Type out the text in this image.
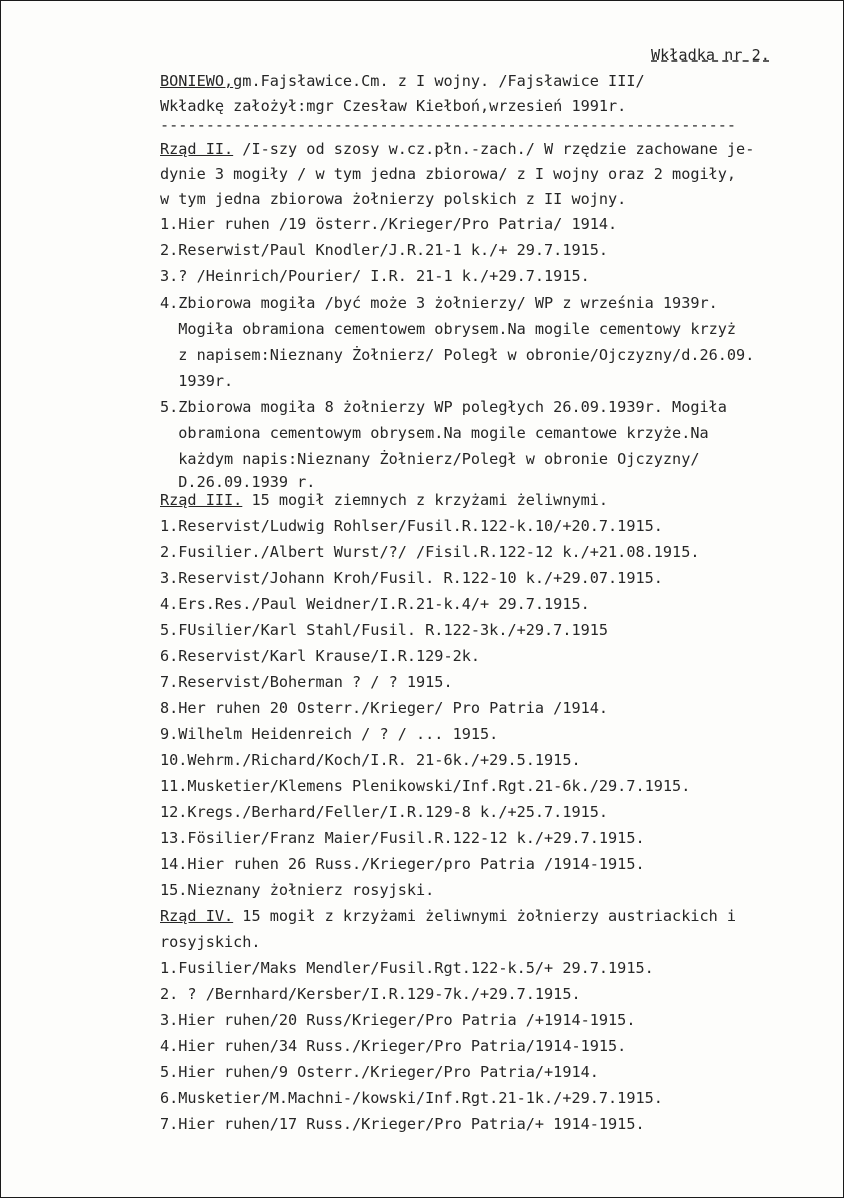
Wkładka nr 2.
BONIEWO,gm.Fajsławice.Cm. z I wojny. /Fajsławice III/
Wkładkę założył:mgr Czesław Kiełboń,wrzesień 1991r.
---------------------------------------------------------------
Rząd II. /I-szy od szosy w.cz.płn.-zach./ W rzędzie zachowane je-
dynie 3 mogiły / w tym jedna zbiorowa/ z I wojny oraz 2 mogiły,
w tym jedna zbiorowa żołnierzy polskich z II wojny.
1.Hier ruhen /19 österr./Krieger/Pro Patria/ 1914.
2.Reserwist/Paul Knodler/J.R.21-1 k./+ 29.7.1915.
3.? /Heinrich/Pourier/ I.R. 21-1 k./+29.7.1915.
4.Zbiorowa mogiła /być może 3 żołnierzy/ WP z września 1939r.
Mogiła obramiona cementowem obrysem.Na mogile cementowy krzyż
z napisem:Nieznany Żołnierz/ Poległ w obronie/Ojczyzny/d.26.09.
1939r.
5.Zbiorowa mogiła 8 żołnierzy WP poległych 26.09.1939r. Mogiła
obramiona cementowym obrysem.Na mogile cemantowe krzyże.Na
każdym napis:Nieznany Żołnierz/Poległ w obronie Ojczyzny/
D.26.09.1939 r.
Rząd III. 15 mogił ziemnych z krzyżami żeliwnymi.
1.Reservist/Ludwig Rohlser/Fusil.R.122-k.10/+20.7.1915.
2.Fusilier./Albert Wurst/?/ /Fisil.R.122-12 k./+21.08.1915.
3.Reservist/Johann Kroh/Fusil. R.122-10 k./+29.07.1915.
4.Ers.Res./Paul Weidner/I.R.21-k.4/+ 29.7.1915.
5.FUsilier/Karl Stahl/Fusil. R.122-3k./+29.7.1915
6.Reservist/Karl Krause/I.R.129-2k.
7.Reservist/Boherman ? / ? 1915.
8.Her ruhen 20 Osterr./Krieger/ Pro Patria /1914.
9.Wilhelm Heidenreich / ? / ... 1915.
10.Wehrm./Richard/Koch/I.R. 21-6k./+29.5.1915.
11.Musketier/Klemens Plenikowski/Inf.Rgt.21-6k./29.7.1915.
12.Kregs./Berhard/Feller/I.R.129-8 k./+25.7.1915.
13.Fösilier/Franz Maier/Fusil.R.122-12 k./+29.7.1915.
14.Hier ruhen 26 Russ./Krieger/pro Patria /1914-1915.
15.Nieznany żołnierz rosyjski.
Rząd IV. 15 mogił z krzyżami żeliwnymi żołnierzy austriackich i
rosyjskich.
1.Fusilier/Maks Mendler/Fusil.Rgt.122-k.5/+ 29.7.1915.
2. ? /Bernhard/Kersber/I.R.129-7k./+29.7.1915.
3.Hier ruhen/20 Russ/Krieger/Pro Patria /+1914-1915.
4.Hier ruhen/34 Russ./Krieger/Pro Patria/1914-1915.
5.Hier ruhen/9 Osterr./Krieger/Pro Patria/+1914.
6.Musketier/M.Machni-/kowski/Inf.Rgt.21-1k./+29.7.1915.
7.Hier ruhen/17 Russ./Krieger/Pro Patria/+ 1914-1915.
